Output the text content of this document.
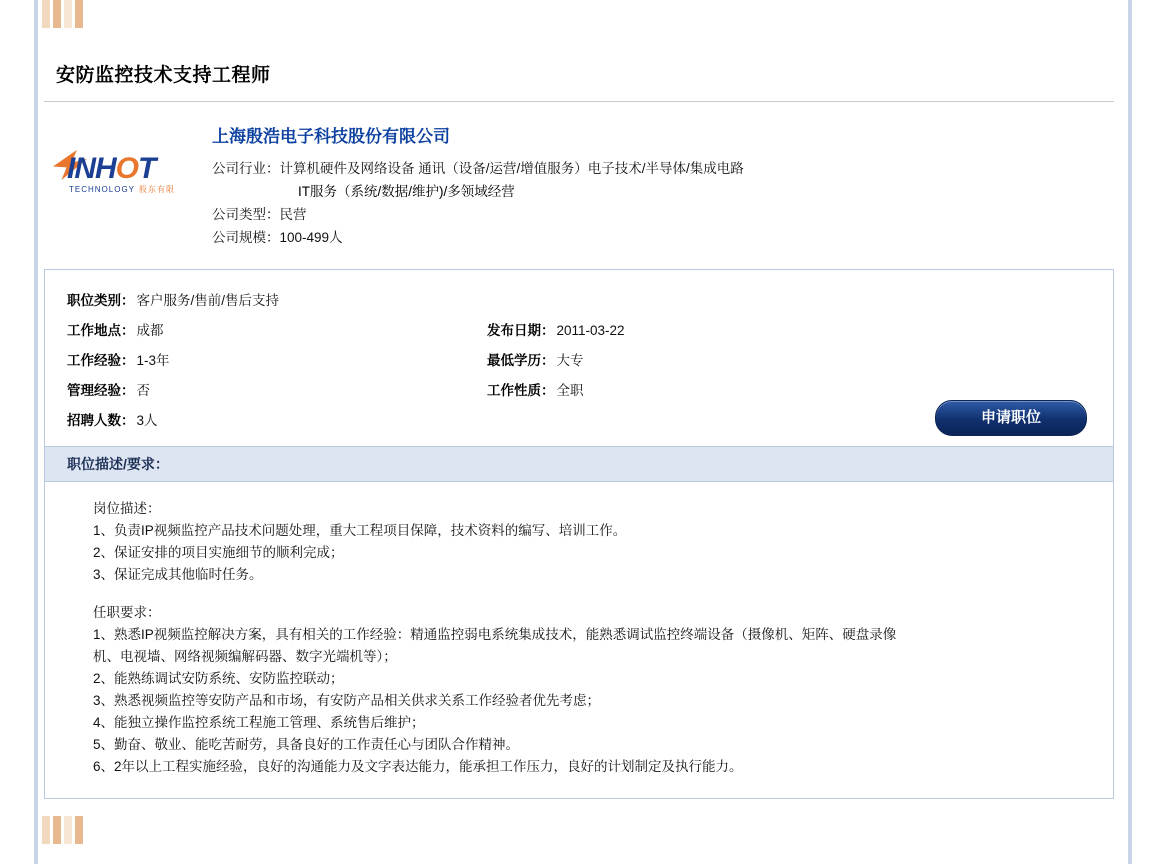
安防监控技术支持工程师
INHOT
TECHNOLOGY 股东有限
上海殷浩电子科技股份有限公司
公司行业： 计算机硬件及网络设备 通讯（设备/运营/增值服务）电子技术/半导体/集成电路
IT服务（系统/数据/维护)/多领域经营
公司类型： 民营
公司规模： 100-499人
职位类别： 客户服务/售前/售后支持
工作地点： 成都	发布日期： 2011-03-22
工作经验： 1-3年	最低学历： 大专
管理经验： 否	工作性质： 全职
招聘人数： 3人	申请职位
职位描述/要求：

岗位描述：

1、负责IP视频监控产品技术问题处理，重大工程项目保障，技术资料的编写、培训工作。

2、保证安排的项目实施细节的顺利完成；

3、保证完成其他临时任务。

任职要求：

1、熟悉IP视频监控解决方案，具有相关的工作经验：精通监控弱电系统集成技术，能熟悉调试监控终端设备（摄像机、矩阵、硬盘录像

机、电视墙、网络视频编解码器、数字光端机等）；

2、能熟练调试安防系统、安防监控联动；

3、熟悉视频监控等安防产品和市场，有安防产品相关供求关系工作经验者优先考虑；

4、能独立操作监控系统工程施工管理、系统售后维护；

5、勤奋、敬业、能吃苦耐劳，具备良好的工作责任心与团队合作精神。

6、2年以上工程实施经验，良好的沟通能力及文字表达能力，能承担工作压力，良好的计划制定及执行能力。
